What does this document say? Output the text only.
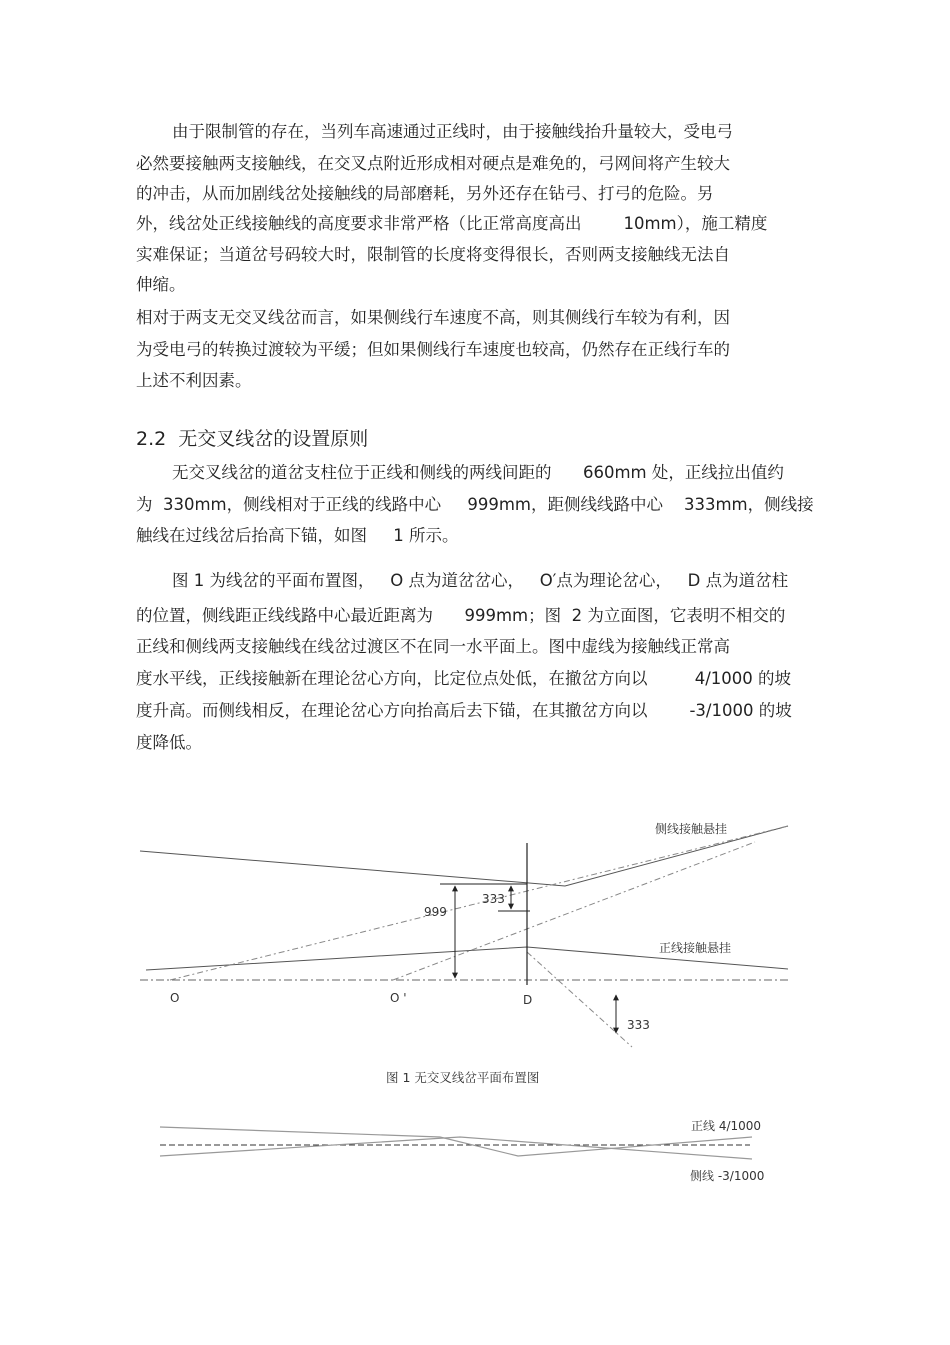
由于限制管的存在，当列车高速通过正线时，由于接触线抬升量较大，受电弓
必然要接触两支接触线，在交叉点附近形成相对硬点是难免的，弓网间将产生较大
的冲击，从而加剧线岔处接触线的局部磨耗，另外还存在钻弓、打弓的危险。另
外，线岔处正线接触线的高度要求非常严格（比正常高度高出        10mm），施工精度
实难保证；当道岔号码较大时，限制管的长度将变得很长，否则两支接触线无法自
伸缩。
相对于两支无交叉线岔而言，如果侧线行车速度不高，则其侧线行车较为有利，因
为受电弓的转换过渡较为平缓；但如果侧线行车速度也较高，仍然存在正线行车的
上述不利因素。
2.2  无交叉线岔的设置原则
无交叉线岔的道岔支柱位于正线和侧线的两线间距的      660mm 处，正线拉出值约
为  330mm，侧线相对于正线的线路中心     999mm，距侧线线路中心    333mm，侧线接
触线在过线岔后抬高下锚，如图     1 所示。
图 1 为线岔的平面布置图，   O 点为道岔岔心，   O′点为理论岔心，   D 点为道岔柱
的位置，侧线距正线线路中心最近距离为      999mm；图  2 为立面图，它表明不相交的
正线和侧线两支接触线在线岔过渡区不在同一水平面上。图中虚线为接触线正常高
度水平线，正线接触新在理论岔心方向，比定位点处低，在撤岔方向以         4/1000 的坡
度升高。而侧线相反，在理论岔心方向抬高后去下锚，在其撤岔方向以        -3/1000 的坡
度降低。
999
333
333
侧线接触悬挂
正线接触悬挂
O	O '	D
图 1 无交叉线岔平面布置图
正线 4/1000
侧线 -3/1000
